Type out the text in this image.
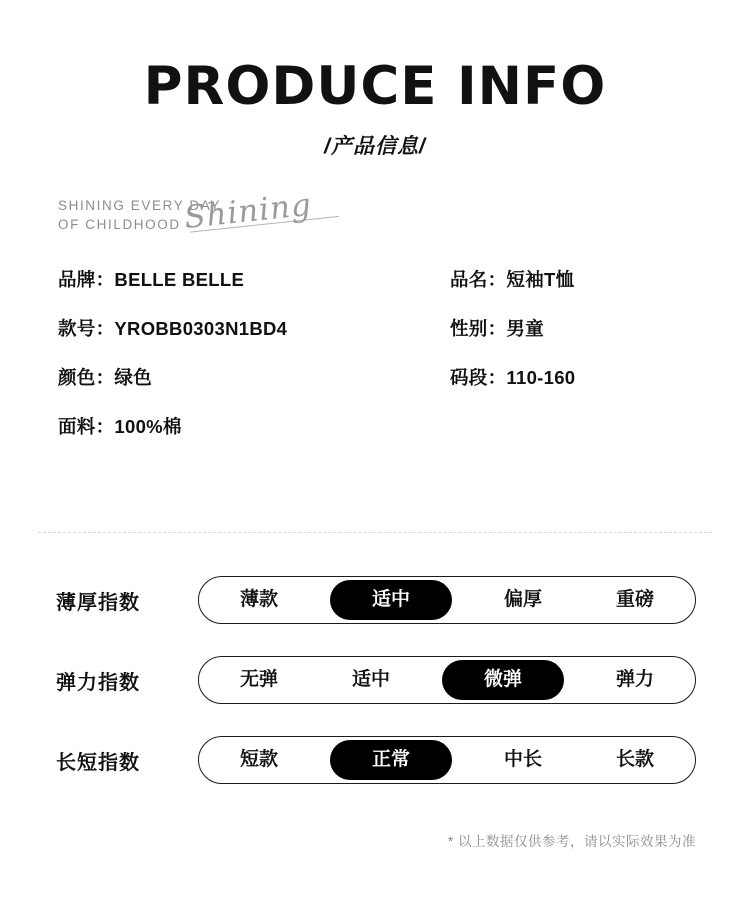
PRODUCE INFO
/产品信息/
SHINING EVERY DAY
OF CHILDHOOD Shining
品牌：BELLE BELLE	品名：短袖T恤
款号：YROBB0303N1BD4	性别：男童
颜色：绿色	码段：110-160
面料：100%棉
薄厚指数	薄款	适中	偏厚	重磅
弹力指数	无弹	适中	微弹	弹力
长短指数	短款	正常	中长	长款
* 以上数据仅供参考，请以实际效果为准
